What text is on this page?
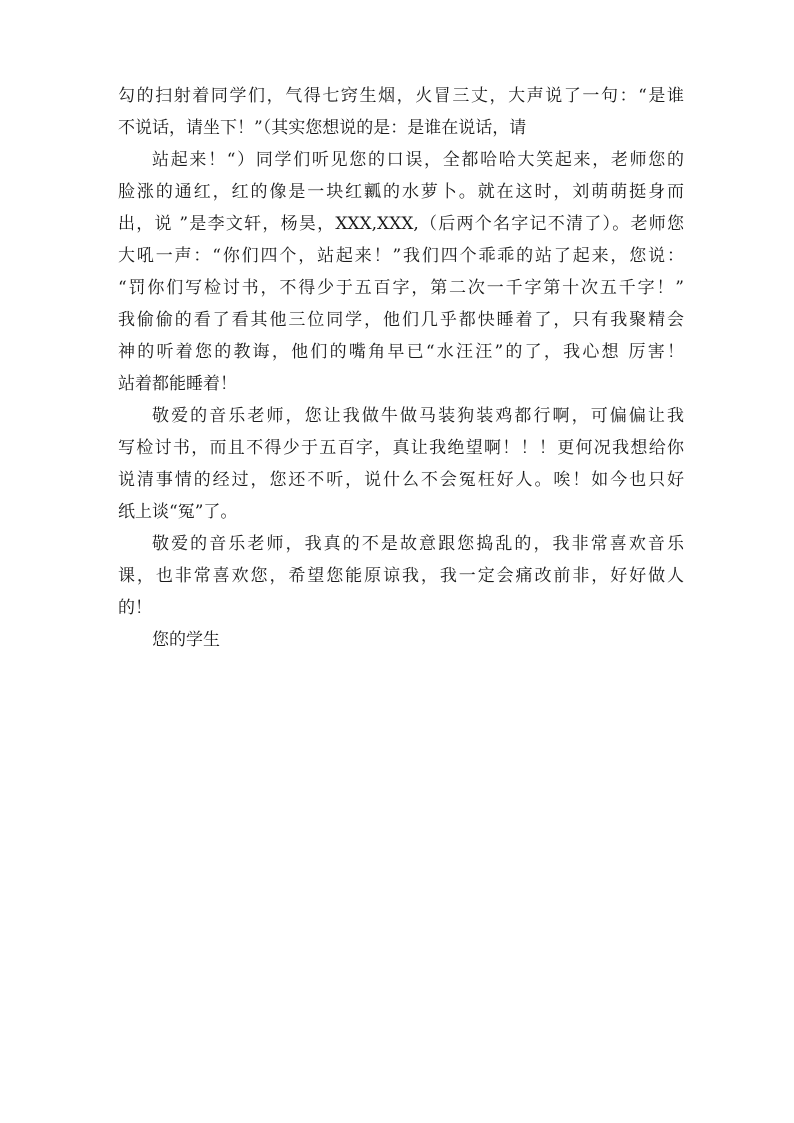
勾的扫射着同学们，气得七窍生烟，火冒三丈，大声说了一句：“是谁
不说话，请坐下！”（其实您想说的是：是谁在说话，请
站起来！“）同学们听见您的口误，全都哈哈大笑起来，老师您的
脸涨的通红，红的像是一块红瓤的水萝卜。就在这时，刘萌萌挺身而
出，说 ”是李文轩，杨昊，XXX,XXX,（后两个名字记不清了）。老师您
大吼一声：“你们四个，站起来！”我们四个乖乖的站了起来，您说：
“罚你们写检讨书，不得少于五百字，第二次一千字第十次五千字！”
我偷偷的看了看其他三位同学，他们几乎都快睡着了，只有我聚精会
神的听着您的教诲，他们的嘴角早已“水汪汪”的了，我心想 厉害！
站着都能睡着！
敬爱的音乐老师，您让我做牛做马装狗装鸡都行啊，可偏偏让我
写检讨书，而且不得少于五百字，真让我绝望啊！！！更何况我想给你
说清事情的经过，您还不听，说什么不会冤枉好人。唉！如今也只好
纸上谈“冤”了。
敬爱的音乐老师，我真的不是故意跟您捣乱的，我非常喜欢音乐
课，也非常喜欢您，希望您能原谅我，我一定会痛改前非，好好做人
的！
您的学生
